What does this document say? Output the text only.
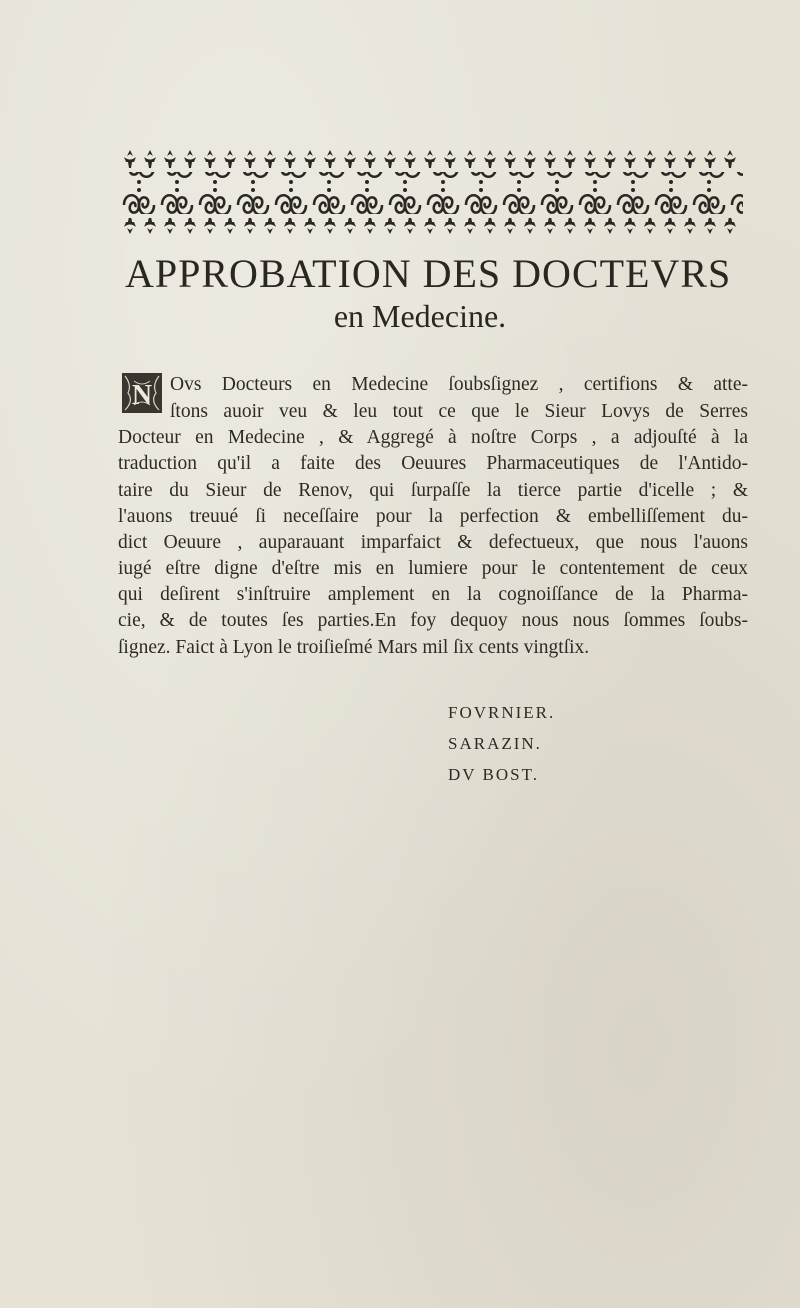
APPROBATION DES DOCTEVRS
en Medecine.
N Ovs Docteurs en Medecine ſoubsſignez , certifions & atte-
ſtons auoir veu & leu tout ce que le Sieur Lovys de Serres
Docteur en Medecine , & Aggregé à noſtre Corps , a adjouſté à la
traduction qu'il a faite des Oeuures Pharmaceutiques de l'Antido-
taire du Sieur de Renov, qui ſurpaſſe la tierce partie d'icelle ; &
l'auons treuué ſi neceſſaire pour la perfection & embelliſſement du-
dict Oeuure , auparauant imparfaict & defectueux, que nous l'auons
iugé eſtre digne d'eſtre mis en lumiere pour le contentement de ceux
qui deſirent s'inſtruire amplement en la cognoiſſance de la Pharma-
cie, & de toutes ſes parties.En foy dequoy nous nous ſommes ſoubs-
ſignez. Faict à Lyon le troiſieſmé Mars mil ſix cents vingtſix.
FOVRNIER.
SARAZIN.
DV BOST.
